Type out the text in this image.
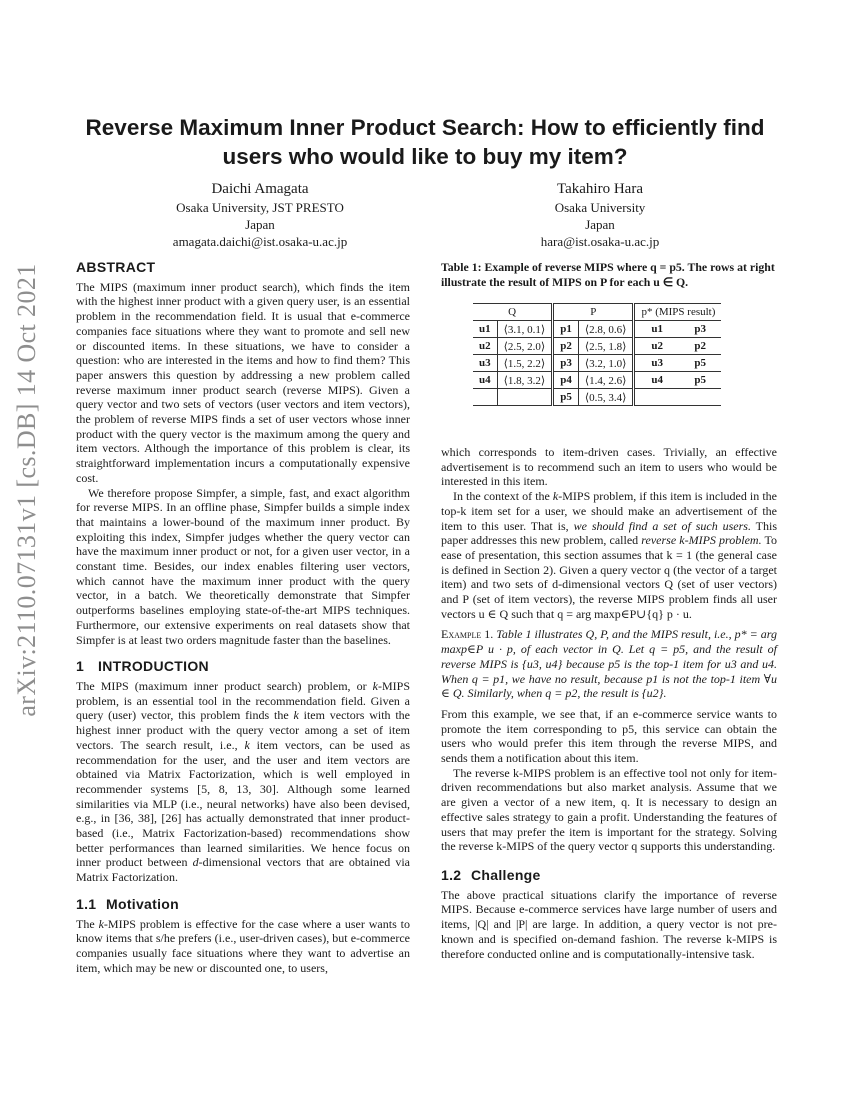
arXiv:2110.07131v1 [cs.DB] 14 Oct 2021
Reverse Maximum Inner Product Search: How to efficiently find users who would like to buy my item?
Daichi Amagata
Osaka University, JST PRESTO
Japan
amagata.daichi@ist.osaka-u.ac.jp
Takahiro Hara
Osaka University
Japan
hara@ist.osaka-u.ac.jp
ABSTRACT

The MIPS (maximum inner product search), which finds the item with the highest inner product with a given query user, is an essential problem in the recommendation field. It is usual that e-commerce companies face situations where they want to promote and sell new or discounted items. In these situations, we have to consider a question: who are interested in the items and how to find them? This paper answers this question by addressing a new problem called reverse maximum inner product search (reverse MIPS). Given a query vector and two sets of vectors (user vectors and item vectors), the problem of reverse MIPS finds a set of user vectors whose inner product with the query vector is the maximum among the query and item vectors. Although the importance of this problem is clear, its straightforward implementation incurs a computationally expensive cost.

We therefore propose Simpfer, a simple, fast, and exact algorithm for reverse MIPS. In an offline phase, Simpfer builds a simple index that maintains a lower-bound of the maximum inner product. By exploiting this index, Simpfer judges whether the query vector can have the maximum inner product or not, for a given user vector, in a constant time. Besides, our index enables filtering user vectors, which cannot have the maximum inner product with the query vector, in a batch. We theoretically demonstrate that Simpfer outperforms baselines employing state-of-the-art MIPS techniques. Furthermore, our extensive experiments on real datasets show that Simpfer is at least two orders magnitude faster than the baselines.

1 INTRODUCTION

The MIPS (maximum inner product search) problem, or k-MIPS problem, is an essential tool in the recommendation field. Given a query (user) vector, this problem finds the k item vectors with the highest inner product with the query vector among a set of item vectors. The search result, i.e., k item vectors, can be used as recommendation for the user, and the user and item vectors are obtained via Matrix Factorization, which is well employed in recommender systems [5, 8, 13, 30]. Although some learned similarities via MLP (i.e., neural networks) have also been devised, e.g., in [36, 38], [26] has actually demonstrated that inner product-based (i.e., Matrix Factorization-based) recommendations show better performances than learned similarities. We hence focus on inner product between d-dimensional vectors that are obtained via Matrix Factorization.

1.1 Motivation

The k-MIPS problem is effective for the case where a user wants to know items that s/he prefers (i.e., user-driven cases), but e-commerce companies usually face situations where they want to advertise an item, which may be new or discounted one, to users,

Table 1: Example of reverse MIPS where q = p5. The rows at right illustrate the result of MIPS on P for each u ∈ Q.
Q		P		p* (MIPS result)	
u1	⟨3.1, 0.1⟩	p1	⟨2.8, 0.6⟩	u1	p3
u2	⟨2.5, 2.0⟩	p2	⟨2.5, 1.8⟩	u2	p2
u3	⟨1.5, 2.2⟩	p3	⟨3.2, 1.0⟩	u3	p5
u4	⟨1.8, 3.2⟩	p4	⟨1.4, 2.6⟩	u4	p5
		p5	⟨0.5, 3.4⟩		

which corresponds to item-driven cases. Trivially, an effective advertisement is to recommend such an item to users who would be interested in this item.

In the context of the k-MIPS problem, if this item is included in the top-k item set for a user, we should make an advertisement of the item to this user. That is, we should find a set of such users. This paper addresses this new problem, called reverse k-MIPS problem. To ease of presentation, this section assumes that k = 1 (the general case is defined in Section 2). Given a query vector q (the vector of a target item) and two sets of d-dimensional vectors Q (set of user vectors) and P (set of item vectors), the reverse MIPS problem finds all user vectors u ∈ Q such that q = arg maxp∈P∪{q} p · u.

Example 1. Table 1 illustrates Q, P, and the MIPS result, i.e., p* = arg maxp∈P u · p, of each vector in Q. Let q = p5, and the result of reverse MIPS is {u3, u4} because p5 is the top-1 item for u3 and u4. When q = p1, we have no result, because p1 is not the top-1 item ∀u ∈ Q. Similarly, when q = p2, the result is {u2}.

From this example, we see that, if an e-commerce service wants to promote the item corresponding to p5, this service can obtain the users who would prefer this item through the reverse MIPS, and sends them a notification about this item.

The reverse k-MIPS problem is an effective tool not only for item-driven recommendations but also market analysis. Assume that we are given a vector of a new item, q. It is necessary to design an effective sales strategy to gain a profit. Understanding the features of users that may prefer the item is important for the strategy. Solving the reverse k-MIPS of the query vector q supports this understanding.

1.2 Challenge

The above practical situations clarify the importance of reverse MIPS. Because e-commerce services have large number of users and items, |Q| and |P| are large. In addition, a query vector is not pre-known and is specified on-demand fashion. The reverse k-MIPS is therefore conducted online and is computationally-intensive task.
